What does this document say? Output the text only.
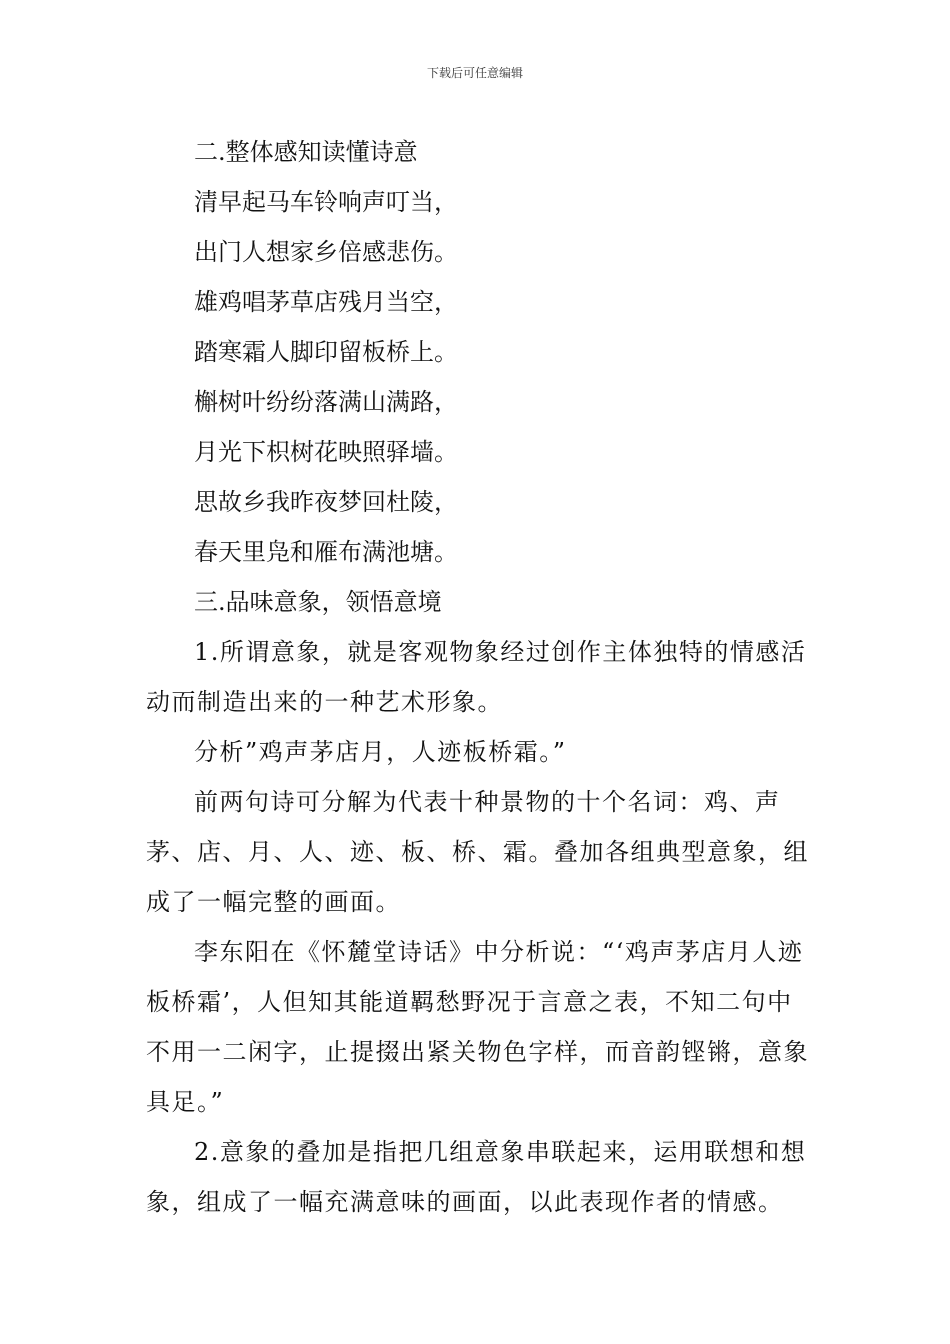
下载后可任意编辑

二.整体感知读懂诗意

清早起马车铃响声叮当，

出门人想家乡倍感悲伤。

雄鸡唱茅草店残月当空，

踏寒霜人脚印留板桥上。

槲树叶纷纷落满山满路，

月光下枳树花映照驿墙。

思故乡我昨夜梦回杜陵，

春天里凫和雁布满池塘。

三.品味意象，领悟意境

1.所谓意象，就是客观物象经过创作主体独特的情感活动而制造出来的一种艺术形象。

分析”鸡声茅店月，人迹板桥霜。”

前两句诗可分解为代表十种景物的十个名词：鸡、声茅、店、月、人、迹、板、桥、霜。叠加各组典型意象，组成了一幅完整的画面。

李东阳在《怀麓堂诗话》中分析说：“‘鸡声茅店月人迹板桥霜’，人但知其能道羁愁野况于言意之表，不知二句中不用一二闲字，止提掇出紧关物色字样，而音韵铿锵，意象具足。”

2.意象的叠加是指把几组意象串联起来，运用联想和想象，组成了一幅充满意味的画面，以此表现作者的情感。
